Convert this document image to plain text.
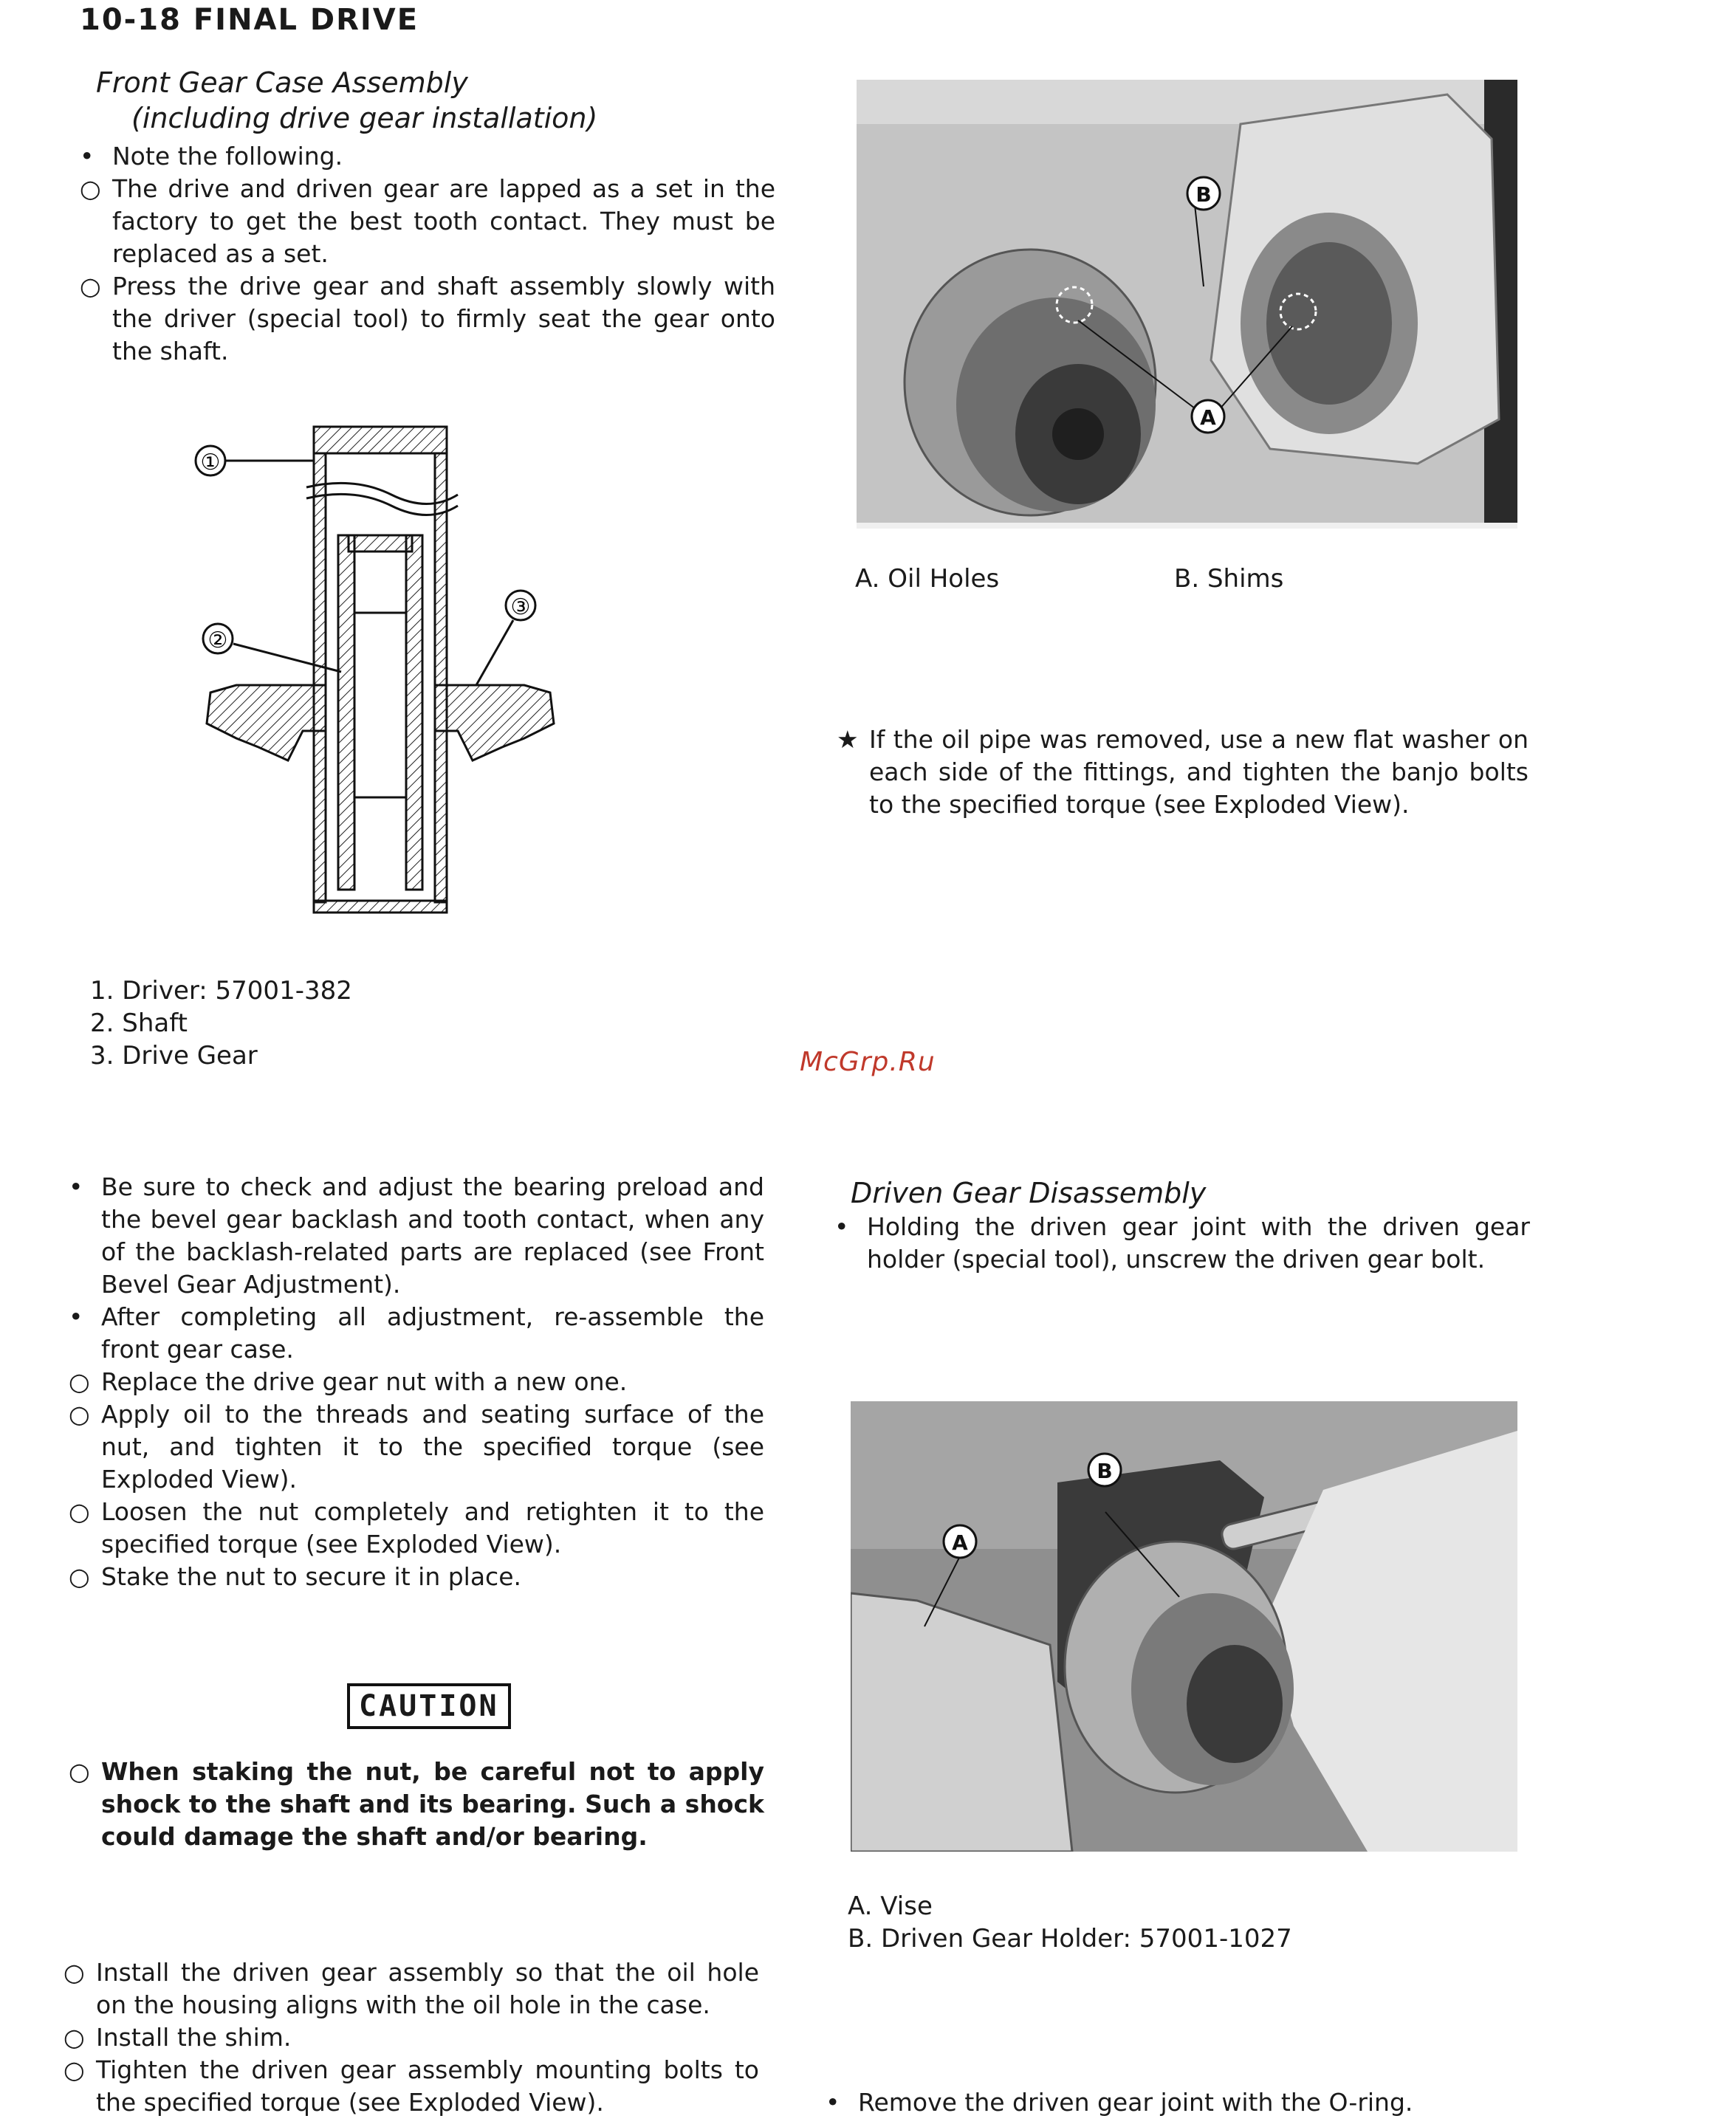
10-18 FINAL DRIVE
Front Gear Case Assembly
(including drive gear installation)
• Note the following.
○ The drive and driven gear are lapped as a set in the factory to get the best tooth contact. They must be replaced as a set.
○ Press the drive gear and shaft assembly slowly with the driver (special tool) to firmly seat the gear onto the shaft.
①
②
③
1. Driver: 57001-382
2. Shaft
3. Drive Gear
A
B
A. Oil Holes	B. Shims
★ If the oil pipe was removed, use a new flat washer on each side of the fittings, and tighten the banjo bolts to the specified torque (see Exploded View).
McGrp.Ru
• Be sure to check and adjust the bearing preload and the bevel gear backlash and tooth contact, when any of the backlash-related parts are replaced (see Front Bevel Gear Adjustment).
• After completing all adjustment, re-assemble the front gear case.
○ Replace the drive gear nut with a new one.
○ Apply oil to the threads and seating surface of the nut, and tighten it to the specified torque (see Exploded View).
○ Loosen the nut completely and retighten it to the specified torque (see Exploded View).
○ Stake the nut to secure it in place.
CAUTION
○ When staking the nut, be careful not to apply shock to the shaft and its bearing. Such a shock could damage the shaft and/or bearing.
○ Install the driven gear assembly so that the oil hole on the housing aligns with the oil hole in the case.
○ Install the shim.
○ Tighten the driven gear assembly mounting bolts to the specified torque (see Exploded View).
Driven Gear Disassembly
• Holding the driven gear joint with the driven gear holder (special tool), unscrew the driven gear bolt.
A
B
A. Vise
B. Driven Gear Holder: 57001-1027
• Remove the driven gear joint with the O-ring.
